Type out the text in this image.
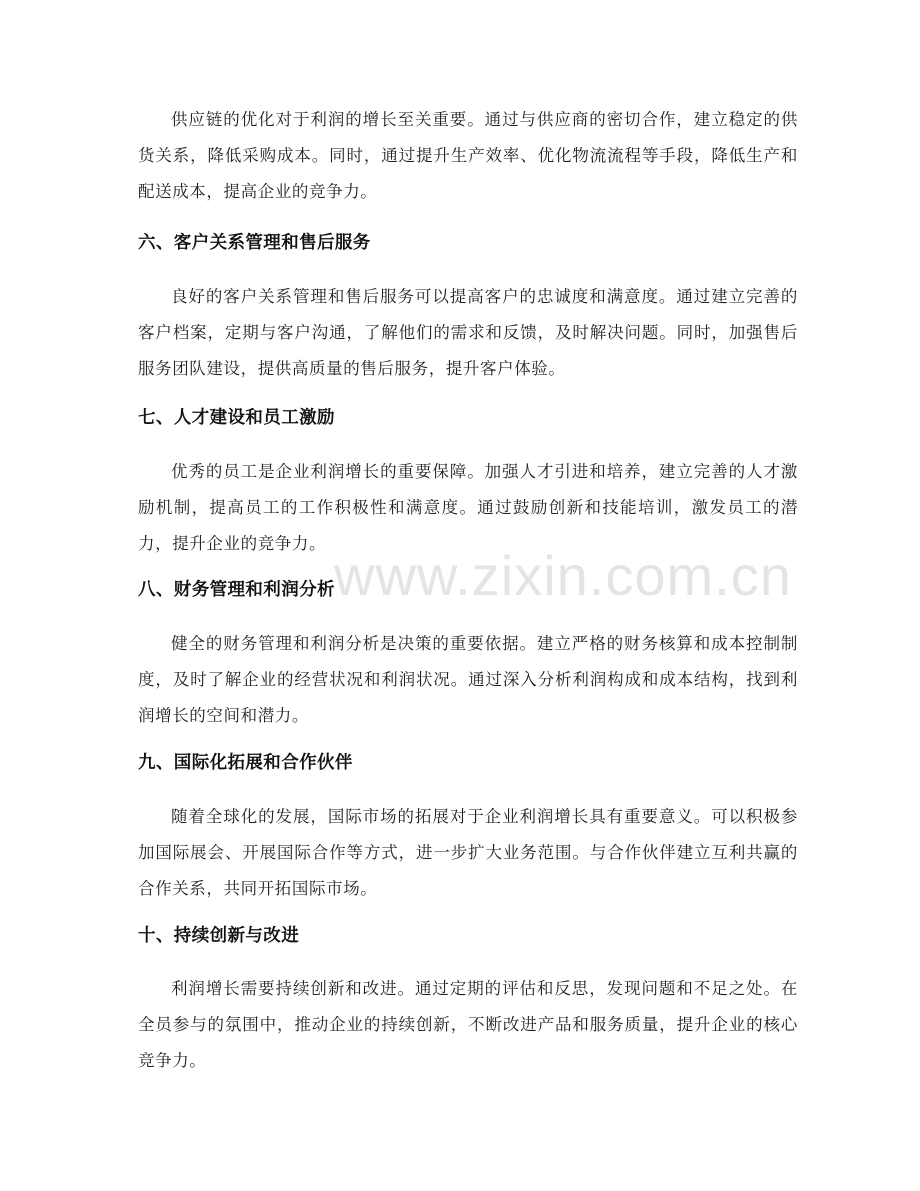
www.zixin.com.cn

供应链的优化对于利润的增长至关重要。通过与供应商的密切合作，建立稳定的供货关系，降低采购成本。同时，通过提升生产效率、优化物流流程等手段，降低生产和配送成本，提高企业的竞争力。

六、客户关系管理和售后服务

良好的客户关系管理和售后服务可以提高客户的忠诚度和满意度。通过建立完善的客户档案，定期与客户沟通，了解他们的需求和反馈，及时解决问题。同时，加强售后服务团队建设，提供高质量的售后服务，提升客户体验。

七、人才建设和员工激励

优秀的员工是企业利润增长的重要保障。加强人才引进和培养，建立完善的人才激励机制，提高员工的工作积极性和满意度。通过鼓励创新和技能培训，激发员工的潜力，提升企业的竞争力。

八、财务管理和利润分析

健全的财务管理和利润分析是决策的重要依据。建立严格的财务核算和成本控制制度，及时了解企业的经营状况和利润状况。通过深入分析利润构成和成本结构，找到利润增长的空间和潜力。

九、国际化拓展和合作伙伴

随着全球化的发展，国际市场的拓展对于企业利润增长具有重要意义。可以积极参加国际展会、开展国际合作等方式，进一步扩大业务范围。与合作伙伴建立互利共赢的合作关系，共同开拓国际市场。

十、持续创新与改进

利润增长需要持续创新和改进。通过定期的评估和反思，发现问题和不足之处。在全员参与的氛围中，推动企业的持续创新，不断改进产品和服务质量，提升企业的核心竞争力。
